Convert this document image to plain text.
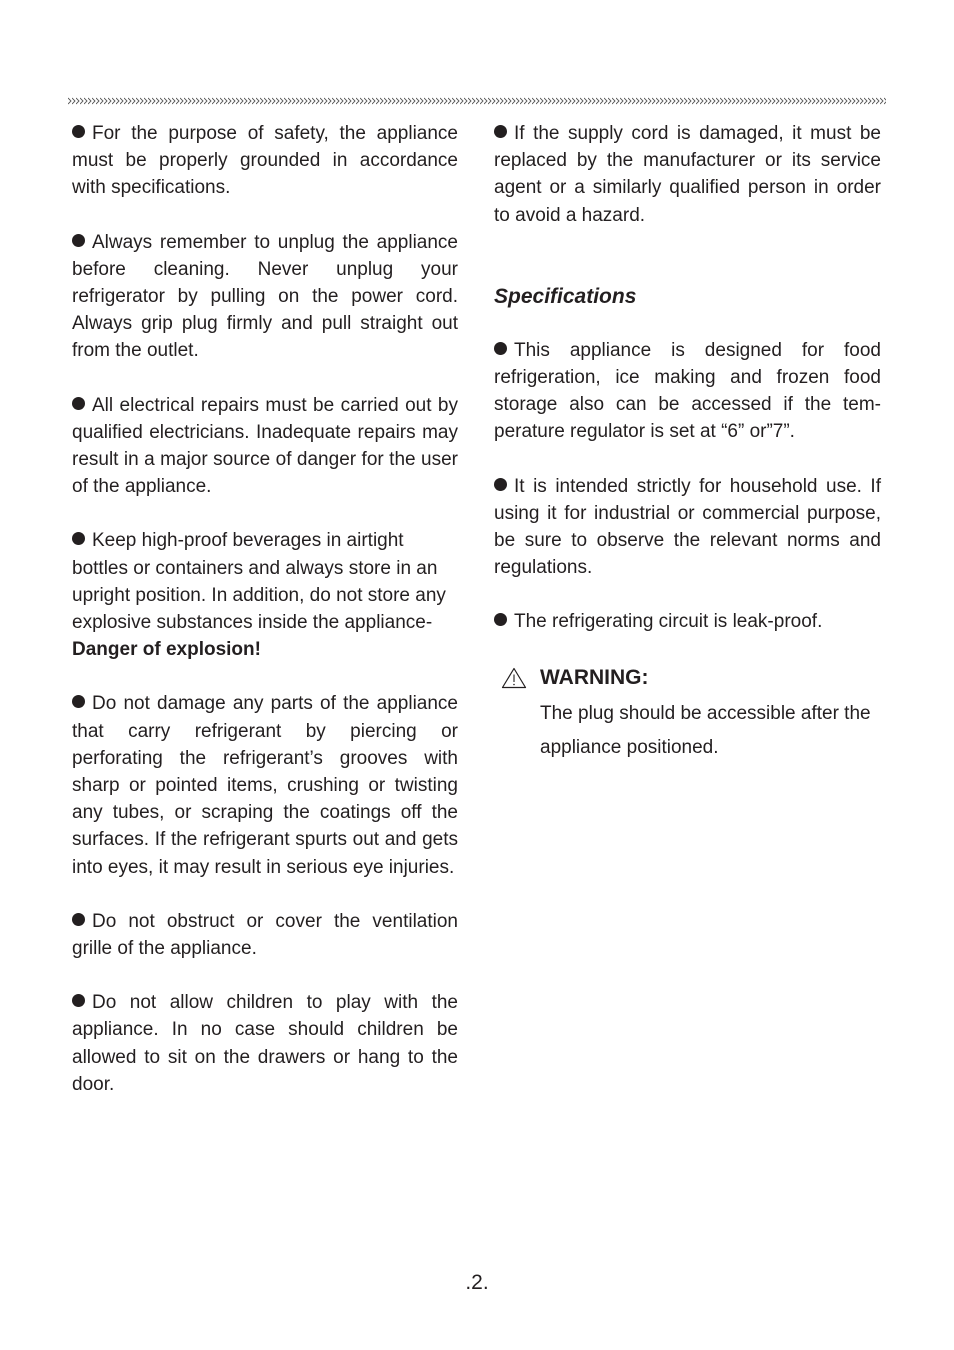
For the purpose of safety, the appliance must be properly grounded in accordance with specifications.

Always remember to unplug the appliance before cleaning. Never unplug your refrigerator by pulling on the power cord. Always grip plug firmly and pull straight out from the outlet.

All electrical repairs must be carried out by qualified electricians. Inadequate repairs may result in a major source of danger for the user of the appliance.

Keep high-proof beverages in airtight bottles or containers and always store in an upright position. In addition, do not store any explosive substances inside the appliance-
Danger of explosion!

Do not damage any parts of the appliance that carry refrigerant by piercing or perforating the refrigerant’s grooves with sharp or pointed items, crushing or twisting any tubes, or scraping the coatings off the surfaces. If the refrigerant spurts out and gets into eyes, it may result in serious eye injuries.

Do not obstruct or cover the ventilation grille of the appliance.

Do not allow children to play with the appliance. In no case should children be allowed to sit on the drawers or hang to the door.

If the supply cord is damaged, it must be replaced by the manufacturer or its service agent or a similarly qualified person in order to avoid a hazard.

Specifications

This appliance is designed for food refrigeration, ice making and frozen food storage also can be accessed if the tem-perature regulator is set at “6” or”7”.

It is intended strictly for household use. If using it for industrial or commercial purpose, be sure to observe the relevant norms and regulations.

The refrigerating circuit is leak-proof.

WARNING:

The plug should be accessible after the appliance positioned.

.2.
